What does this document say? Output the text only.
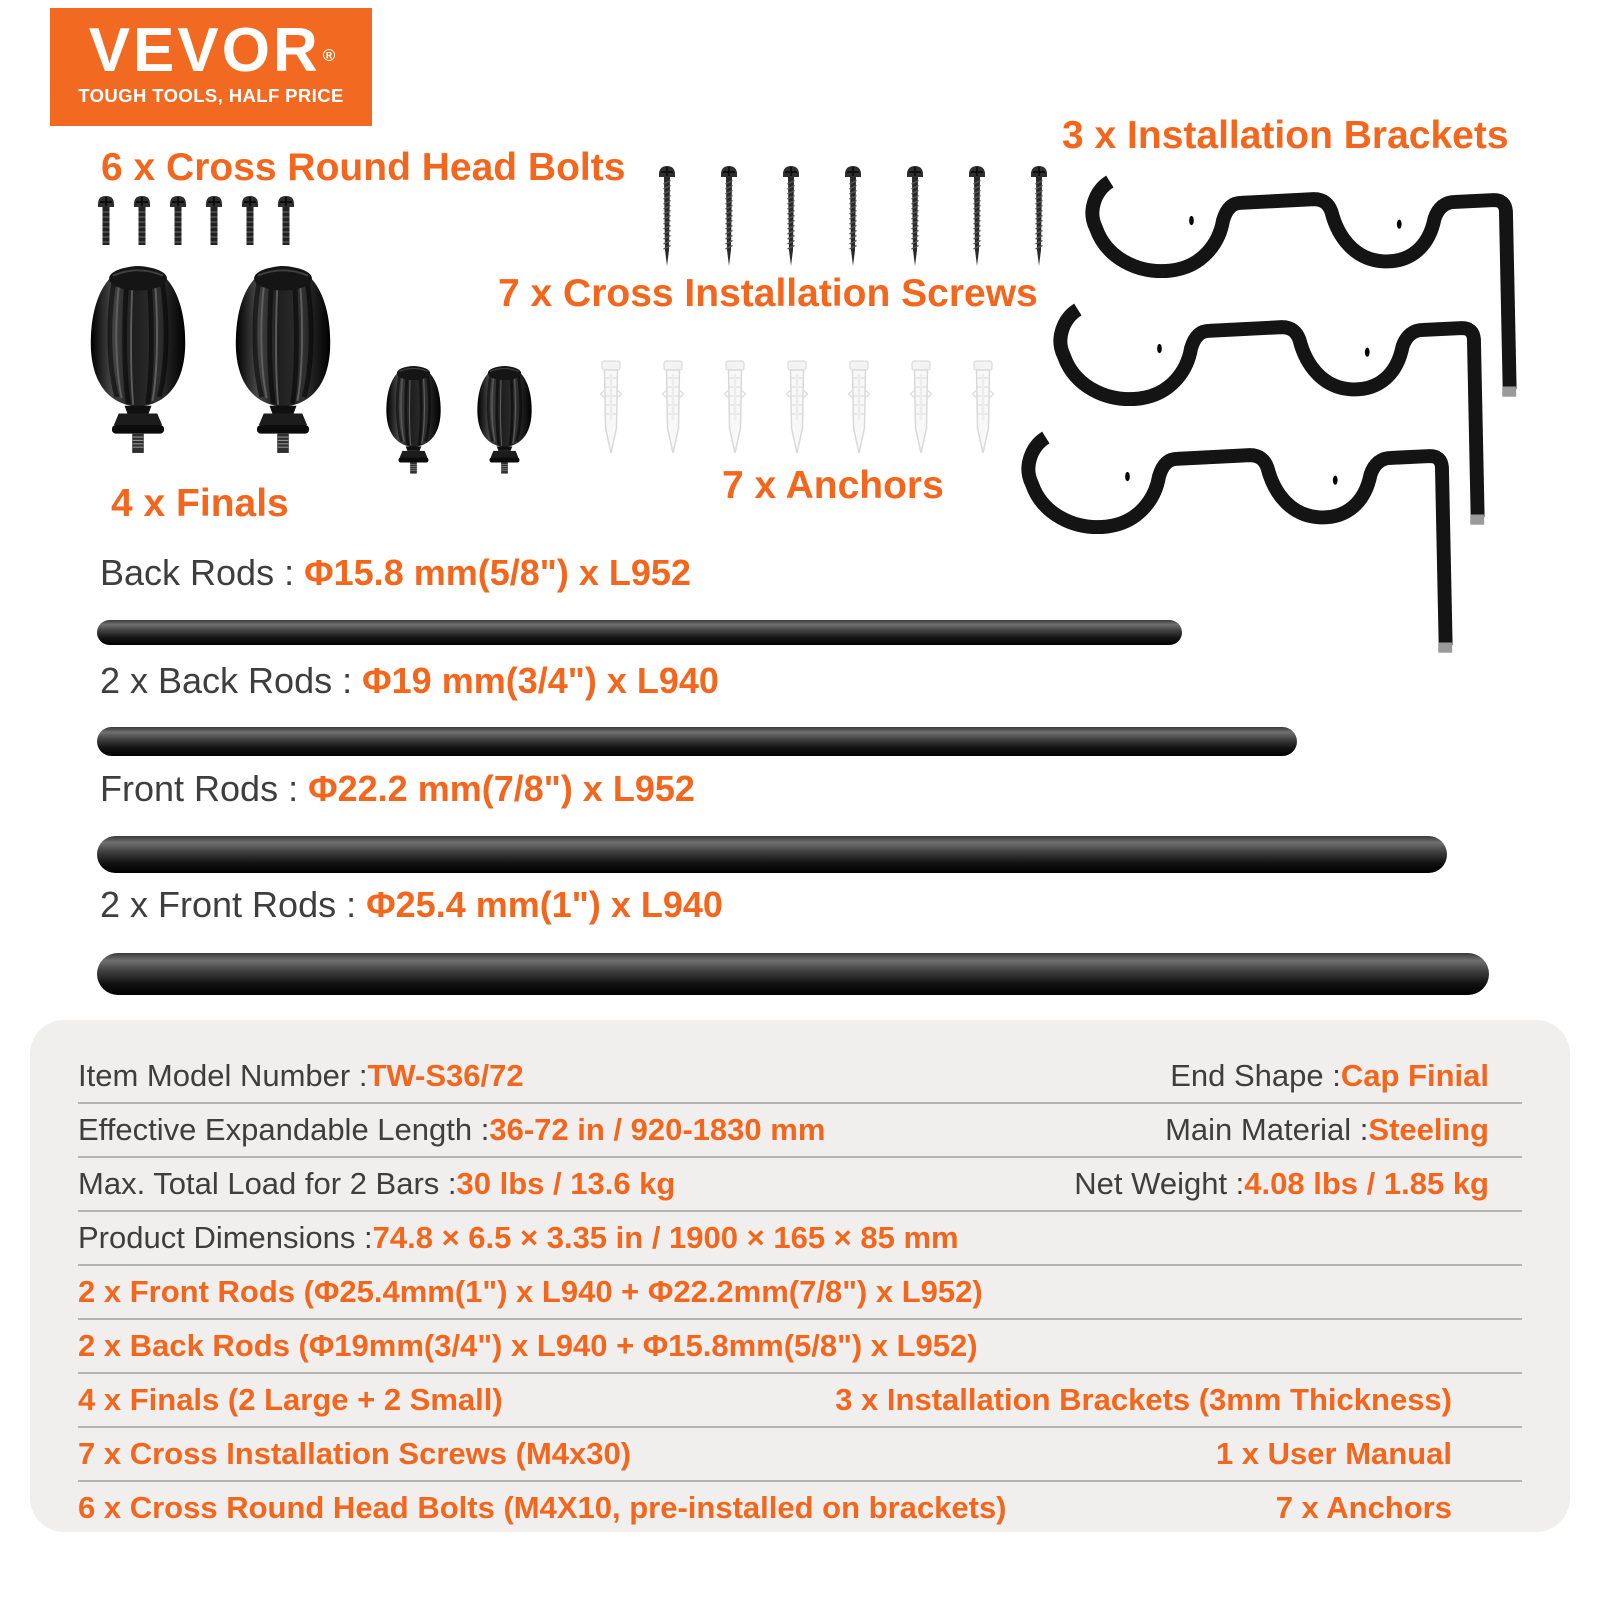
VEVOR ®
TOUGH TOOLS, HALF PRICE
6 x Cross Round Head Bolts
7 x Cross Installation Screws
3 x Installation Brackets
4 x Finals	7 x Anchors
Back Rods : Φ15.8 mm(5/8") x L952
2 x Back Rods : Φ19 mm(3/4") x L940
Front Rods : Φ22.2 mm(7/8") x L952
2 x Front Rods : Φ25.4 mm(1") x L940
Item Model Number : TW-S36/72	End Shape : Cap Finial
Effective Expandable Length : 36-72 in / 920-1830 mm	Main Material : Steeling
Max. Total Load for 2 Bars : 30 lbs / 13.6 kg	Net Weight : 4.08 lbs / 1.85 kg
Product Dimensions : 74.8 × 6.5 × 3.35 in / 1900 × 165 × 85 mm
2 x Front Rods (Φ25.4mm(1") x L940 + Φ22.2mm(7/8") x L952)
2 x Back Rods (Φ19mm(3/4") x L940 + Φ15.8mm(5/8") x L952)
4 x Finals (2 Large + 2 Small)	3 x Installation Brackets (3mm Thickness)
7 x Cross Installation Screws (M4x30)	1 x User Manual
6 x Cross Round Head Bolts (M4X10, pre-installed on brackets)	7 x Anchors
